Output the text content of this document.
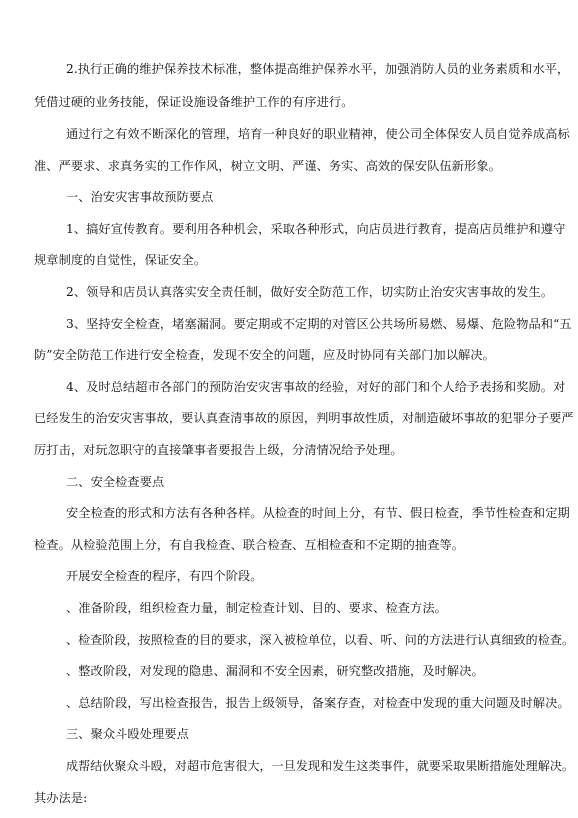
2.执行正确的维护保养技术标准，整体提高维护保养水平，加强消防人员的业务素质和水平，
凭借过硬的业务技能，保证设施设备维护工作的有序进行。
通过行之有效不断深化的管理，培育一种良好的职业精神，使公司全体保安人员自觉养成高标
准、严要求、求真务实的工作作风，树立文明、严谨、务实、高效的保安队伍新形象。
一、治安灾害事故预防要点
1、搞好宣传教育。要利用各种机会，采取各种形式，向店员进行教育，提高店员维护和遵守
规章制度的自觉性，保证安全。
2、领导和店员认真落实安全责任制，做好安全防范工作，切实防止治安灾害事故的发生。
3、坚持安全检查，堵塞漏洞。要定期或不定期的对管区公共场所易燃、易爆、危险物品和“五
防”安全防范工作进行安全检查，发现不安全的问题，应及时协同有关部门加以解决。
4、及时总结超市各部门的预防治安灾害事故的经验，对好的部门和个人给予表扬和奖励。对
已经发生的治安灾害事故，要认真查清事故的原因，判明事故性质，对制造破坏事故的犯罪分子要严
厉打击，对玩忽职守的直接肇事者要报告上级，分清情况给予处理。
二、安全检查要点
安全检查的形式和方法有各种各样。从检查的时间上分，有节、假日检查，季节性检查和定期
检查。从检验范围上分，有自我检查、联合检查、互相检查和不定期的抽查等。
开展安全检查的程序，有四个阶段。
、准备阶段，组织检查力量，制定检查计划、目的、要求、检查方法。
、检查阶段，按照检查的目的要求，深入被检单位，以看、听、问的方法进行认真细致的检查。
、整改阶段，对发现的隐患、漏洞和不安全因素，研究整改措施，及时解决。
、总结阶段，写出检查报告，报告上级领导，备案存查，对检查中发现的重大问题及时解决。
三、聚众斗殴处理要点
成帮结伙聚众斗殴，对超市危害很大，一旦发现和发生这类事件，就要采取果断措施处理解决。
其办法是:
